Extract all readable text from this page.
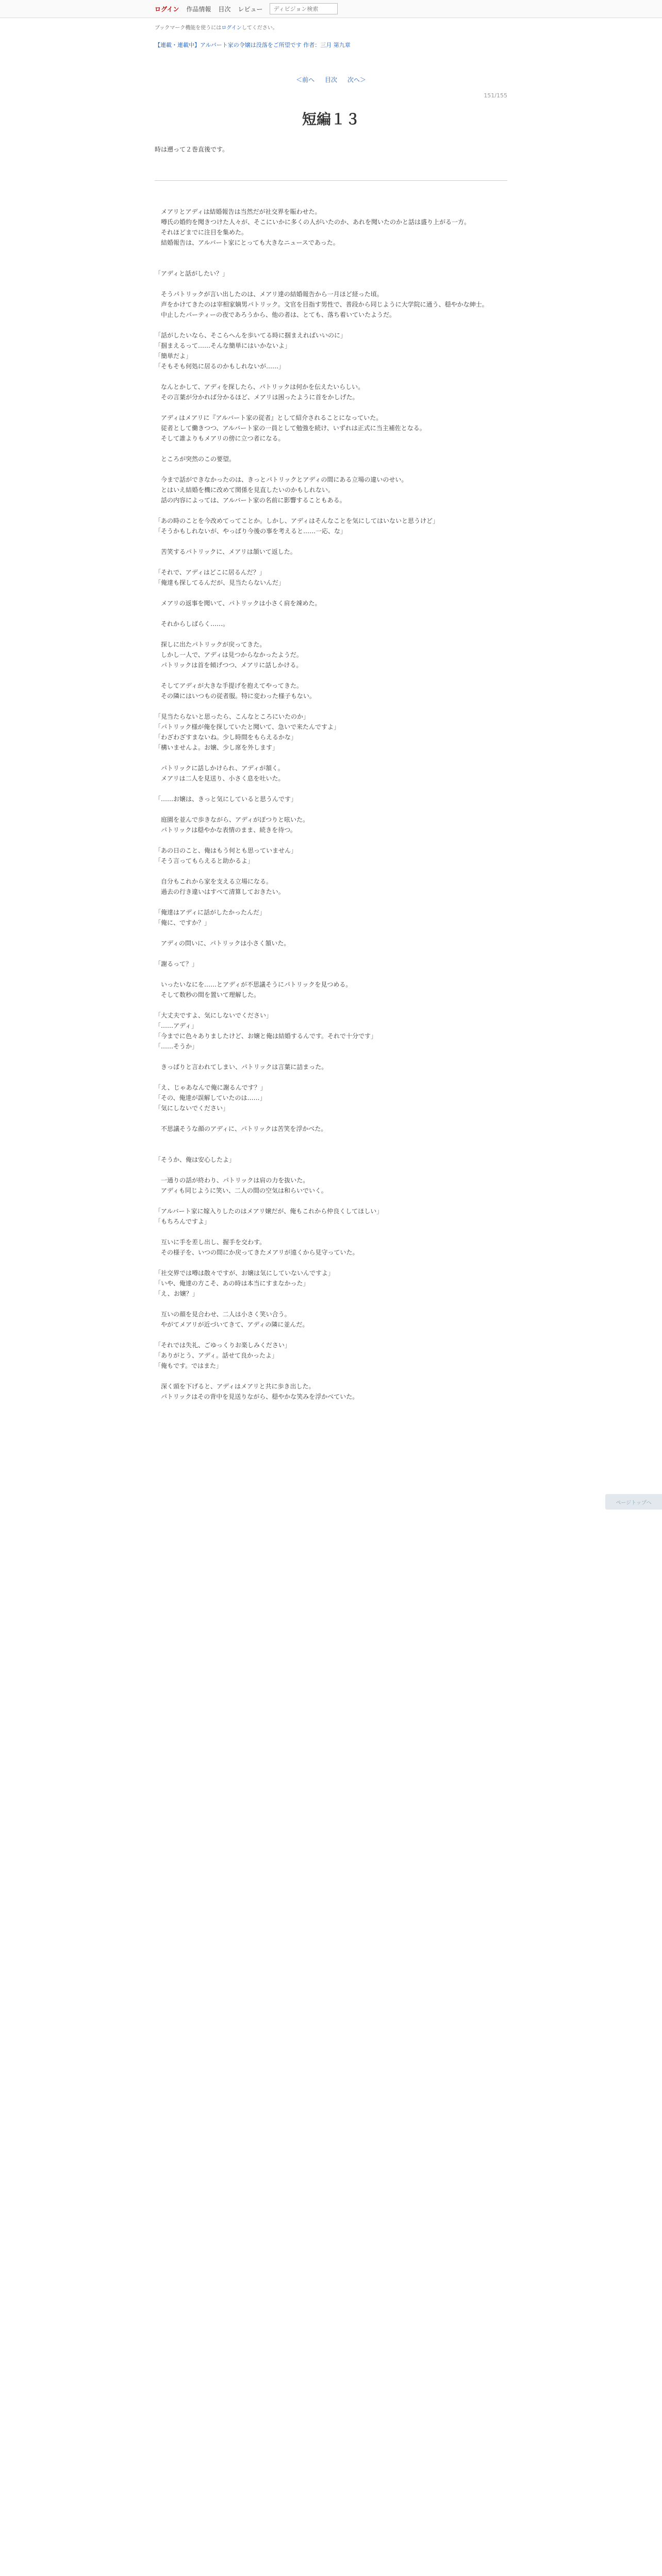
ログイン 作品情報 目次 レビュー
ディビジョン検索
ブックマーク機能を使うにはログインしてください。
【連載・連載中】アルバート家の令嬢は没落をご所望です 作者：三月 第九章
＜前へ 目次 次へ＞
151/155
短編１３
時は遡って２巻直後です。

　メアリとアディは結婚報告は当然だが社交界を賑わせた。

　噂氏の婚約を聞きつけた人々が、そこにいかに多くの人がいたのか、あれを聞いたのかと話は盛り上がる一方。

　それほどまでに注目を集めた。

　結婚報告は、アルバート家にとっても大きなニュースであった。

「アディと話がしたい？」

　そうパトリックが言い出したのは、メアリ達の結婚報告から一月ほど経った頃。

　声をかけてきたのは宰相家嫡男パトリック。文官を目指す男性で、普段から同じように大学院に通う、穏やかな紳士。

　中止したパーティーの夜であろうから、他の者は、とても、落ち着いていたようだ。

「話がしたいなら、そこらへんを歩いてる時に掴まえればいいのに」

「掴まえるって……そんな簡単にはいかないよ」

「簡単だよ」

「そもそも何処に居るのかもしれないが……」

　なんとかして、アディを探したら、パトリックは何かを伝えたいらしい。

　その言葉が分かれば分かるほど、メアリは困ったように首をかしげた。

　アディはメアリに『アルバート家の従者』として紹介されることになっていた。

　従者として働きつつ、アルバート家の一員として勉強を続け、いずれは正式に当主補佐となる。

　そして誰よりもメアリの傍に立つ者になる。

　ところが突然のこの要望。

　今まで話ができなかったのは、きっとパトリックとアディの間にある立場の違いのせい。

　とはいえ結婚を機に改めて関係を見直したいのかもしれない。

　話の内容によっては、アルバート家の名前に影響することもある。

「あの時のことを今改めてってことか。しかし、アディはそんなことを気にしてはいないと思うけど」

「そうかもしれないが、やっぱり今後の事を考えると……一応、な」

　苦笑するパトリックに、メアリは頷いて返した。

「それで、アディはどこに居るんだ？」

「俺達も探してるんだが、見当たらないんだ」

　メアリの返事を聞いて、パトリックは小さく肩を竦めた。

　それからしばらく……。

　探しに出たパトリックが戻ってきた。

　しかし一人で、アディは見つからなかったようだ。

　パトリックは首を傾げつつ、メアリに話しかける。

　そしてアディが大きな手提げを抱えてやってきた。

　その隣にはいつもの従者服。特に変わった様子もない。

「見当たらないと思ったら、こんなところにいたのか」

「パトリック様が俺を探していたと聞いて、急いで来たんですよ」

「わざわざすまないね。少し時間をもらえるかな」

「構いませんよ。お嬢、少し席を外します」

　パトリックに話しかけられ、アディが頷く。

　メアリは二人を見送り、小さく息を吐いた。

「……お嬢は、きっと気にしていると思うんです」

　庭園を並んで歩きながら、アディがぽつりと呟いた。

　パトリックは穏やかな表情のまま、続きを待つ。

「あの日のこと、俺はもう何とも思っていません」

「そう言ってもらえると助かるよ」

　自分もこれから家を支える立場になる。

　過去の行き違いはすべて清算しておきたい。

「俺達はアディに話がしたかったんだ」

「俺に、ですか？」

　アディの問いに、パトリックは小さく頷いた。

「謝るって？」

　いったいなにを……とアディが不思議そうにパトリックを見つめる。

　そして数秒の間を置いて理解した。

「大丈夫ですよ、気にしないでください」

「……アディ」

「今までに色々ありましたけど、お嬢と俺は結婚するんです。それで十分です」

「……そうか」

　きっぱりと言われてしまい、パトリックは言葉に詰まった。

「え、じゃあなんで俺に謝るんです？」

「その、俺達が誤解していたのは……」

「気にしないでください」

　不思議そうな顔のアディに、パトリックは苦笑を浮かべた。

「そうか、俺は安心したよ」

　一通りの話が終わり、パトリックは肩の力を抜いた。

　アディも同じように笑い、二人の間の空気は和らいでいく。

「アルバート家に嫁入りしたのはメアリ嬢だが、俺もこれから仲良くしてほしい」

「もちろんですよ」

　互いに手を差し出し、握手を交わす。

　その様子を、いつの間にか戻ってきたメアリが遠くから見守っていた。

「社交界では噂は散々ですが、お嬢は気にしていないんですよ」

「いや、俺達の方こそ、あの時は本当にすまなかった」

「え、お嬢？」

　互いの顔を見合わせ、二人は小さく笑い合う。

　やがてメアリが近づいてきて、アディの隣に並んだ。

「それでは失礼、ごゆっくりお楽しみください」

「ありがとう、アディ。話せて良かったよ」

「俺もです。ではまた」

　深く頭を下げると、アディはメアリと共に歩き出した。

　パトリックはその背中を見送りながら、穏やかな笑みを浮かべていた。

ページトップへ
